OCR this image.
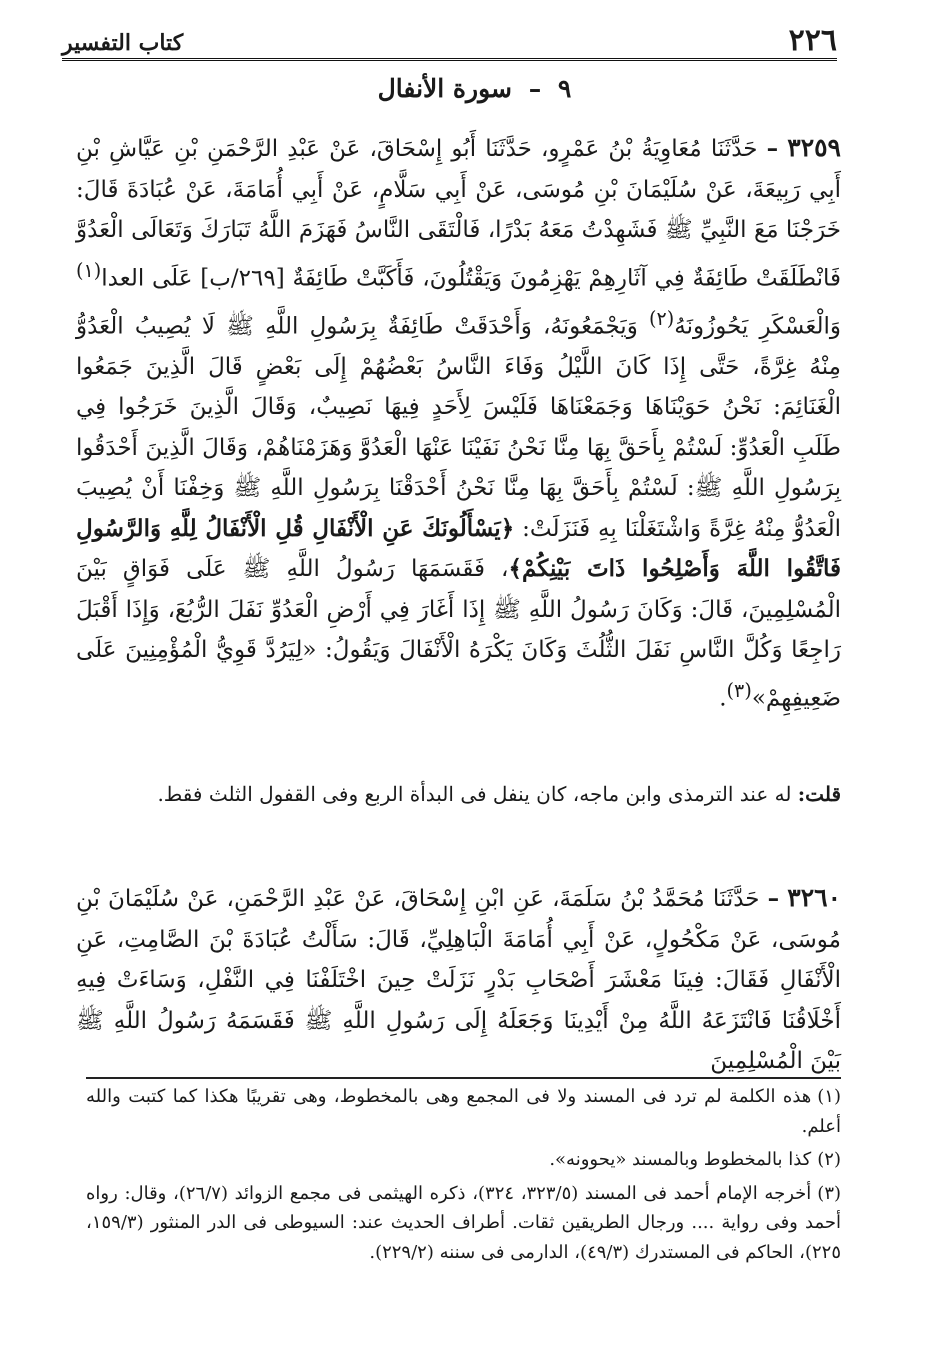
٢٢٦
كتاب التفسير
٩ – سورة الأنفال
٣٢٥٩ – حَدَّثَنَا مُعَاوِيَةُ بْنُ عَمْرٍو، حَدَّثَنَا أَبُو إِسْحَاقَ، عَنْ عَبْدِ الرَّحْمَنِ بْنِ عَيَّاشِ بْنِ أَبِي رَبِيعَةَ، عَنْ سُلَيْمَانَ بْنِ مُوسَى، عَنْ أَبِي سَلَّامٍ، عَنْ أَبِي أُمَامَةَ، عَنْ عُبَادَةَ قَالَ: خَرَجْنَا مَعَ النَّبِيِّ ﷺ فَشَهِدْتُ مَعَهُ بَدْرًا، فَالْتَقَى النَّاسُ فَهَزَمَ اللَّهُ تَبَارَكَ وَتَعَالَى الْعَدُوَّ فَانْطَلَقَتْ طَائِفَةٌ فِي آثَارِهِمْ يَهْزِمُونَ وَيَقْتُلُونَ، فَأَكَبَّتْ طَائِفَةٌ [٢٦٩/ب] عَلَى العدا$^{(١)}$ وَالْعَسْكَرِ يَحُوزُونَهُ$^{(٢)}$ وَيَجْمَعُونَهُ، وَأَحْدَقَتْ طَائِفَةٌ بِرَسُولِ اللَّهِ ﷺ لَا يُصِيبُ الْعَدُوُّ مِنْهُ غِرَّةً، حَتَّى إِذَا كَانَ اللَّيْلُ وَفَاءَ النَّاسُ بَعْضُهُمْ إِلَى بَعْضٍ قَالَ الَّذِينَ جَمَعُوا الْغَنَائِمَ: نَحْنُ حَوَيْنَاهَا وَجَمَعْنَاهَا فَلَيْسَ لِأَحَدٍ فِيهَا نَصِيبٌ، وَقَالَ الَّذِينَ خَرَجُوا فِي طَلَبِ الْعَدُوِّ: لَسْتُمْ بِأَحَقَّ بِهَا مِنَّا نَحْنُ نَفَيْنَا عَنْهَا الْعَدُوَّ وَهَزَمْنَاهُمْ، وَقَالَ الَّذِينَ أَحْدَقُوا بِرَسُولِ اللَّهِ ﷺ: لَسْتُمْ بِأَحَقَّ بِهَا مِنَّا نَحْنُ أَحْدَقْنَا بِرَسُولِ اللَّهِ ﷺ وَخِفْنَا أَنْ يُصِيبَ الْعَدُوُّ مِنْهُ غِرَّةً وَاشْتَغَلْنَا بِهِ فَنَزَلَتْ: ﴿يَسْأَلُونَكَ عَنِ الْأَنْفَالِ قُلِ الْأَنْفَالُ لِلَّهِ وَالرَّسُولِ فَاتَّقُوا اللَّهَ وَأَصْلِحُوا ذَاتَ بَيْنِكُمْ﴾، فَقَسَمَهَا رَسُولُ اللَّهِ ﷺ عَلَى فَوَاقٍ بَيْنَ الْمُسْلِمِينَ، قَالَ: وَكَانَ رَسُولُ اللَّهِ ﷺ إِذَا أَغَارَ فِي أَرْضِ الْعَدُوِّ نَفَلَ الرُّبُعَ، وَإِذَا أَقْبَلَ رَاجِعًا وَكُلَّ النَّاسِ نَفَلَ الثُّلُثَ وَكَانَ يَكْرَهُ الْأَنْفَالَ وَيَقُولُ: «لِيَرُدَّ قَوِيُّ الْمُؤْمِنِينَ عَلَى ضَعِيفِهِمْ»$^{(٣)}$.
قلت: له عند الترمذى وابن ماجه، كان ينفل فى البدأة الربع وفى القفول الثلث فقط.
٣٢٦٠ – حَدَّثَنَا مُحَمَّدُ بْنُ سَلَمَةَ، عَنِ ابْنِ إِسْحَاقَ، عَنْ عَبْدِ الرَّحْمَنِ، عَنْ سُلَيْمَانَ بْنِ مُوسَى، عَنْ مَكْحُولٍ، عَنْ أَبِي أُمَامَةَ الْبَاهِلِيِّ، قَالَ: سَأَلْتُ عُبَادَةَ بْنَ الصَّامِتِ، عَنِ الْأَنْفَالِ فَقَالَ: فِينَا مَعْشَرَ أَصْحَابِ بَدْرٍ نَزَلَتْ حِينَ اخْتَلَفْنَا فِي النَّفْلِ، وَسَاءَتْ فِيهِ أَخْلَاقُنَا فَانْتَزَعَهُ اللَّهُ مِنْ أَيْدِينَا وَجَعَلَهُ إِلَى رَسُولِ اللَّهِ ﷺ فَقَسَمَهُ رَسُولُ اللَّهِ ﷺ بَيْنَ الْمُسْلِمِينَ
(١)هذه الكلمة لم ترد فى المسند ولا فى المجمع وهى بالمخطوط، وهى تقريبًا هكذا كما كتبت والله أعلم.
(٢)كذا بالمخطوط وبالمسند «يحوونه».
(٣)أخرجه الإمام أحمد فى المسند (٣٢٣/٥، ٣٢٤)، ذكره الهيثمى فى مجمع الزوائد (٢٦/٧)، وقال: رواه أحمد وفى رواية .... ورجال الطريقين ثقات. أطراف الحديث عند: السيوطى فى الدر المنثور (١٥٩/٣، ٢٢٥)، الحاكم فى المستدرك (٤٩/٣)، الدارمى فى سننه (٢٢٩/٢).
